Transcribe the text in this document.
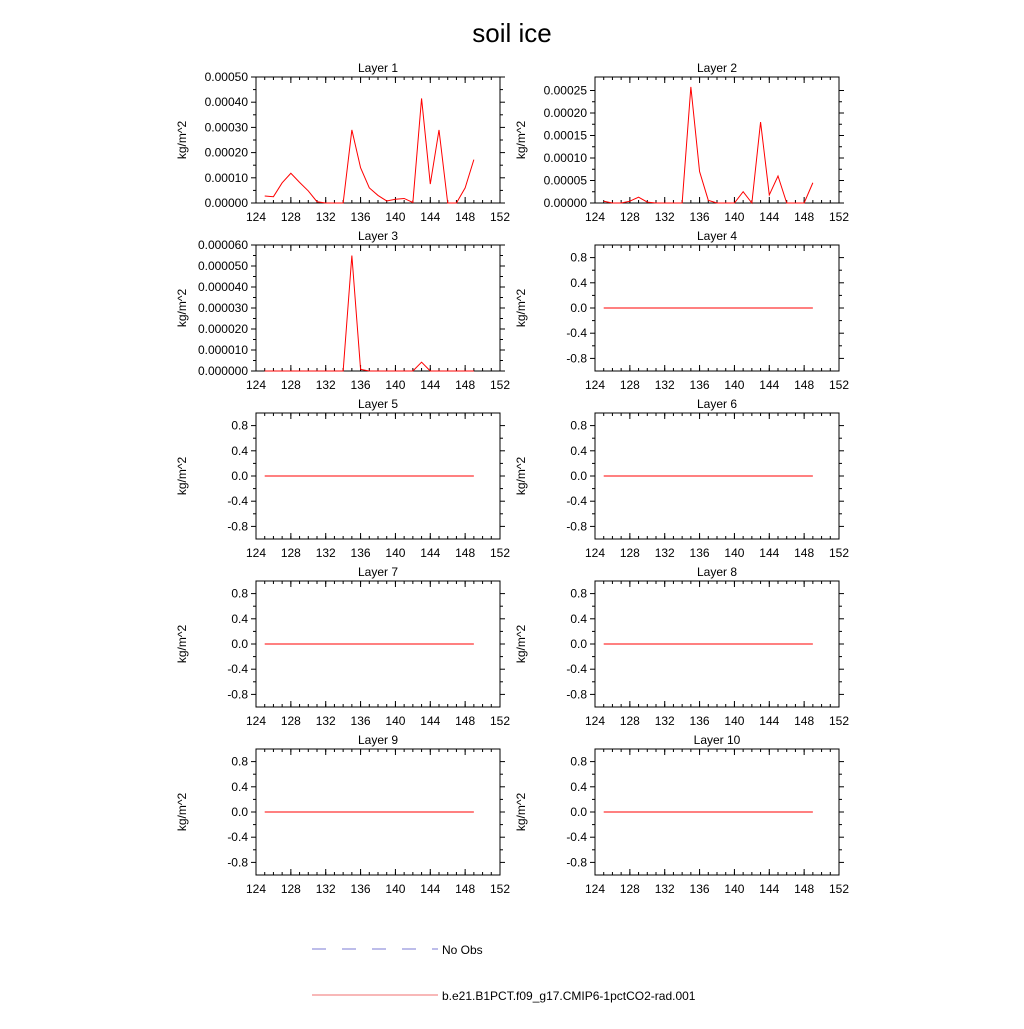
soil ice
Layer 1
kg/m^2
124 128 132 136 140 144 148 152
0.00000
0.00010
0.00020
0.00030
0.00040
0.00050
Layer 2
kg/m^2
124 128 132 136 140 144 148 152
0.00000
0.00005
0.00010
0.00015
0.00020
0.00025
Layer 3
kg/m^2
124 128 132 136 140 144 148 152
0.000000
0.000010
0.000020
0.000030
0.000040
0.000050
0.000060
Layer 4
kg/m^2
124 128 132 136 140 144 148 152
-0.8
-0.4
0.0
0.4
0.8
Layer 5
kg/m^2
124 128 132 136 140 144 148 152
-0.8
-0.4
0.0
0.4
0.8
Layer 6
kg/m^2
124 128 132 136 140 144 148 152
-0.8
-0.4
0.0
0.4
0.8
Layer 7
kg/m^2
124 128 132 136 140 144 148 152
-0.8
-0.4
0.0
0.4
0.8
Layer 8
kg/m^2
124 128 132 136 140 144 148 152
-0.8
-0.4
0.0
0.4
0.8
Layer 9
kg/m^2
124 128 132 136 140 144 148 152
-0.8
-0.4
0.0
0.4
0.8
Layer 10
kg/m^2
124 128 132 136 140 144 148 152
-0.8
-0.4
0.0
0.4
0.8
No Obs
b.e21.B1PCT.f09_g17.CMIP6-1pctCO2-rad.001
